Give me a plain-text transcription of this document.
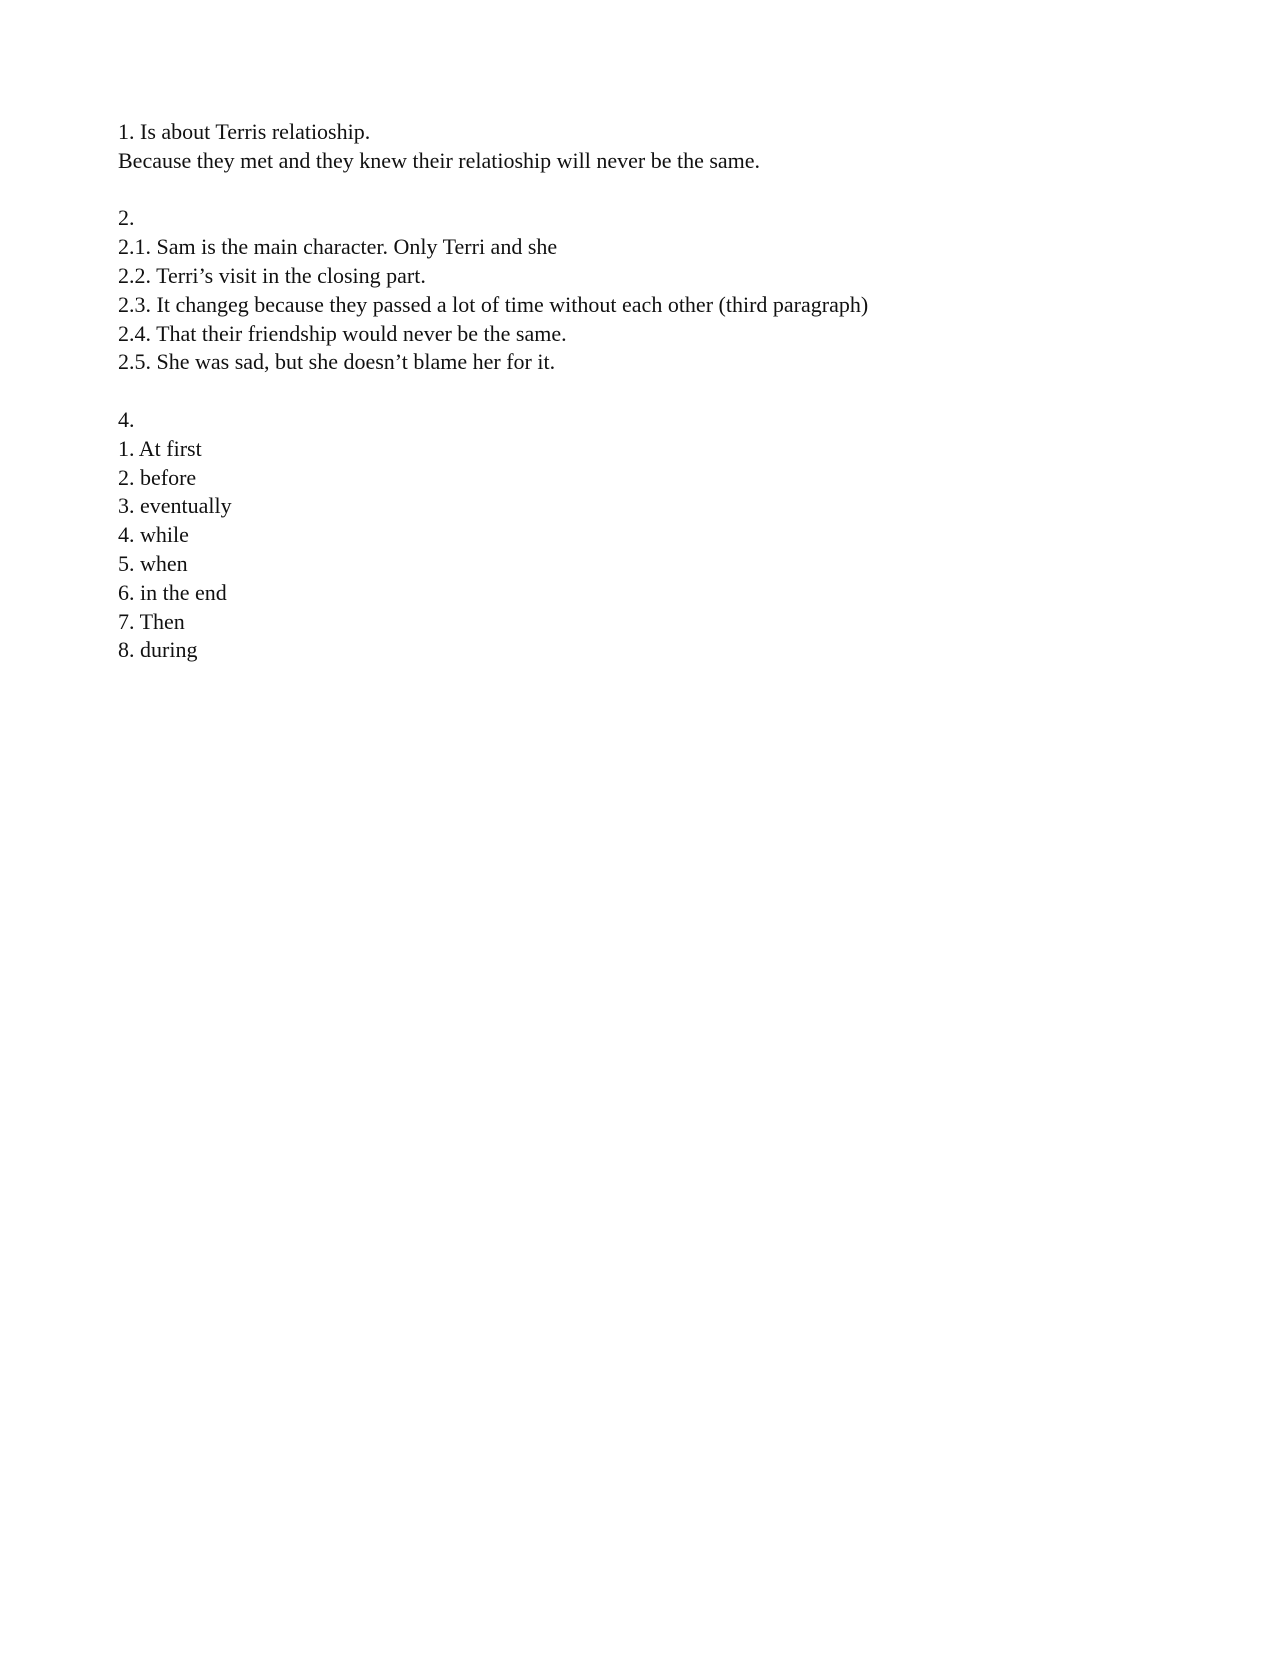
1. Is about Terris relatioship.
Because they met and they knew their relatioship will never be the same.
2.
2.1. Sam is the main character. Only Terri and she
2.2. Terri’s visit in the closing part.
2.3. It changeg because they passed a lot of time without each other (third paragraph)
2.4. That their friendship would never be the same.
2.5. She was sad, but she doesn’t blame her for it.
4.
1. At first
2. before
3. eventually
4. while
5. when
6. in the end
7. Then
8. during
